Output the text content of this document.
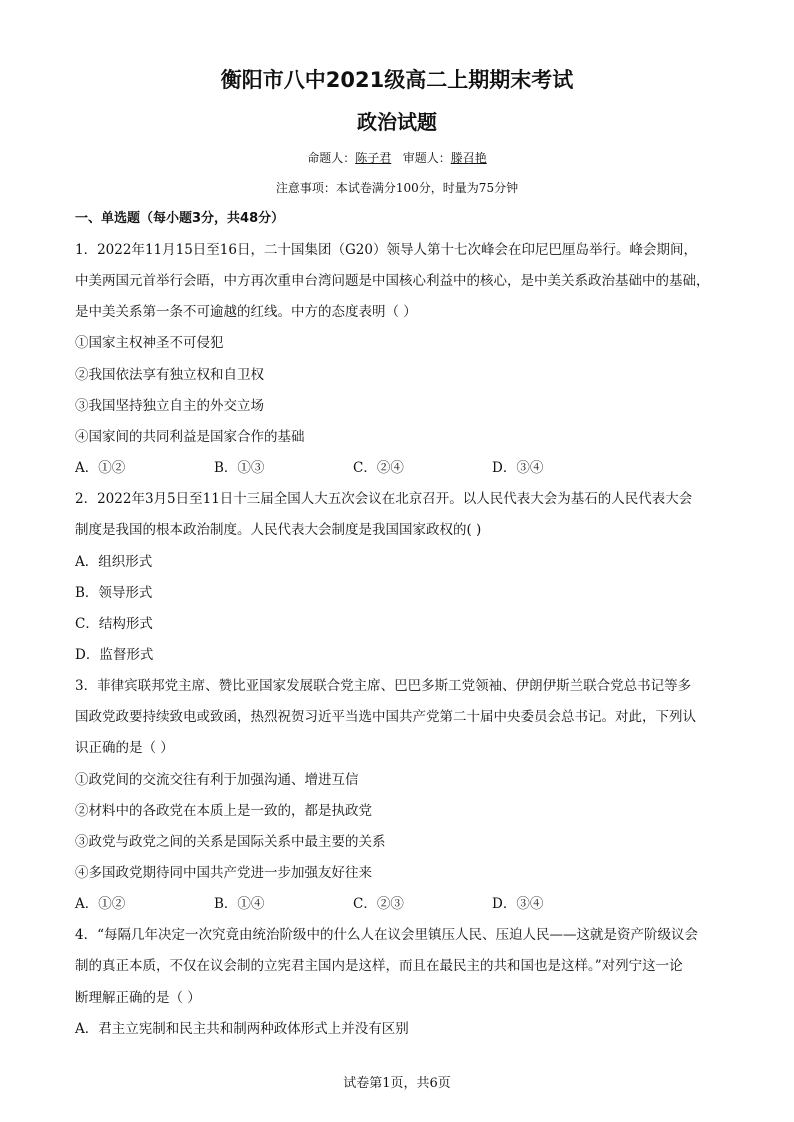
衡阳市八中2021级高二上期期末考试
政治试题
命题人：陈子君 审题人：滕召艳
注意事项：本试卷满分100分，时量为75分钟
一、单选题（每小题3分，共48分）
1．2022年11月15日至16日，二十国集团（G20）领导人第十七次峰会在印尼巴厘岛举行。峰会期间，
中美两国元首举行会晤，中方再次重申台湾问题是中国核心利益中的核心，是中美关系政治基础中的基础，
是中美关系第一条不可逾越的红线。中方的态度表明（ ）
①国家主权神圣不可侵犯
②我国依法享有独立权和自卫权
③我国坚持独立自主的外交立场
④国家间的共同利益是国家合作的基础
A．①②	B．①③	C．②④	D．③④
2．2022年3月5日至11日十三届全国人大五次会议在北京召开。以人民代表大会为基石的人民代表大会
制度是我国的根本政治制度。人民代表大会制度是我国国家政权的( )
A．组织形式
B．领导形式
C．结构形式
D．监督形式
3．菲律宾联邦党主席、赞比亚国家发展联合党主席、巴巴多斯工党领袖、伊朗伊斯兰联合党总书记等多
国政党政要持续致电或致函，热烈祝贺习近平当选中国共产党第二十届中央委员会总书记。对此，下列认
识正确的是（ ）
①政党间的交流交往有利于加强沟通、增进互信
②材料中的各政党在本质上是一致的，都是执政党
③政党与政党之间的关系是国际关系中最主要的关系
④多国政党期待同中国共产党进一步加强友好往来
A．①②	B．①④	C．②③	D．③④
4．“每隔几年决定一次究竟由统治阶级中的什么人在议会里镇压人民、压迫人民——这就是资产阶级议会
制的真正本质，不仅在议会制的立宪君主国内是这样，而且在最民主的共和国也是这样。”对列宁这一论
断理解正确的是（ ）
A．君主立宪制和民主共和制两种政体形式上并没有区别
试卷第1页，共6页
